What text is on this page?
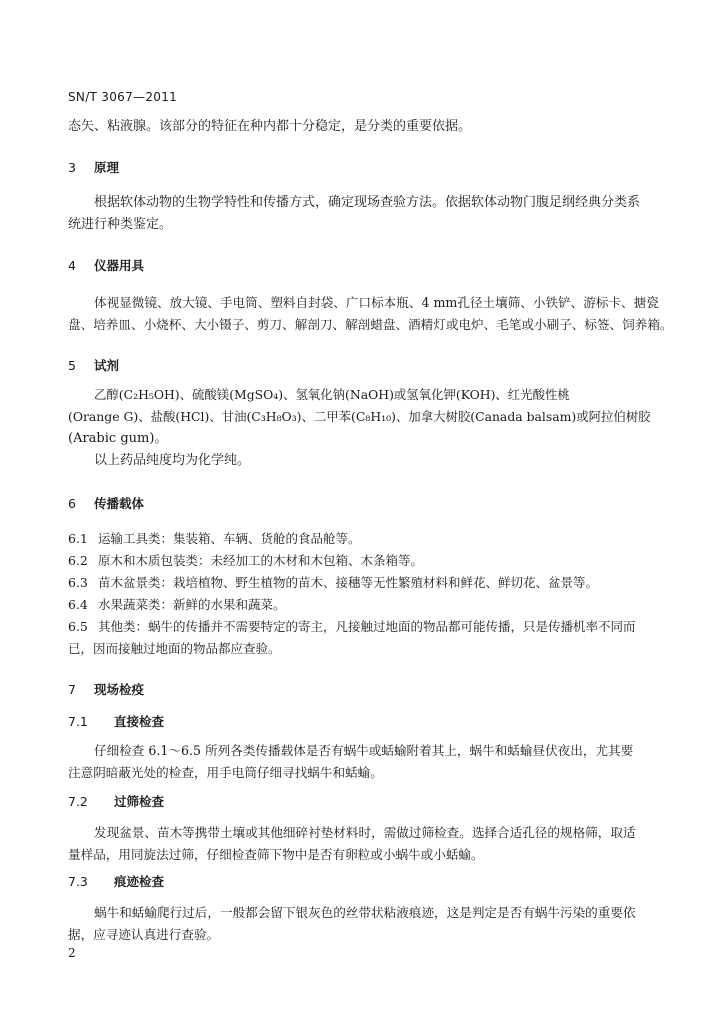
SN/T 3067—2011
态矢、粘液腺。该部分的特征在种内都十分稳定，是分类的重要依据。
3 原理
根据软体动物的生物学特性和传播方式，确定现场查验方法。依据软体动物门腹足纲经典分类系
统进行种类鉴定。
4 仪器用具
体视显微镜、放大镜、手电筒、塑料自封袋、广口标本瓶、4 mm孔径土壤筛、小铁铲、游标卡、搪瓷
盘、培养皿、小烧杯、大小镊子、剪刀、解剖刀、解剖蜡盘、酒精灯或电炉、毛笔或小刷子、标签、饲养箱。
5 试剂
乙醇(C₂H₅OH)、硫酸镁(MgSO₄)、氢氧化钠(NaOH)或氢氧化钾(KOH)、红光酸性桃
(Orange G)、盐酸(HCl)、甘油(C₃H₈O₃)、二甲苯(C₈H₁₀)、加拿大树胶(Canada balsam)或阿拉伯树胶
(Arabic gum)。
以上药品纯度均为化学纯。
6 传播载体
6.1 运输工具类：集装箱、车辆、货舱的食品舱等。
6.2 原木和木质包装类：未经加工的木材和木包箱、木条箱等。
6.3 苗木盆景类：栽培植物、野生植物的苗木、接穗等无性繁殖材料和鲜花、鲜切花、盆景等。
6.4 水果蔬菜类：新鲜的水果和蔬菜。
6.5 其他类：蜗牛的传播并不需要特定的寄主，凡接触过地面的物品都可能传播，只是传播机率不同而
已，因而接触过地面的物品都应查验。
7 现场检疫
7.1 直接检查
仔细检查 6.1～6.5 所列各类传播载体是否有蜗牛或蛞蝓附着其上，蜗牛和蛞蝓昼伏夜出，尤其要
注意阴暗蔽光处的检查，用手电筒仔细寻找蜗牛和蛞蝓。
7.2 过筛检查
发现盆景、苗木等携带土壤或其他细碎衬垫材料时，需做过筛检查。选择合适孔径的规格筛，取适
量样品，用同旋法过筛，仔细检查筛下物中是否有卵粒或小蜗牛或小蛞蝓。
7.3 痕迹检查
蜗牛和蛞蝓爬行过后，一般都会留下银灰色的丝带状粘液痕迹，这是判定是否有蜗牛污染的重要依
据，应寻迹认真进行查验。
2
